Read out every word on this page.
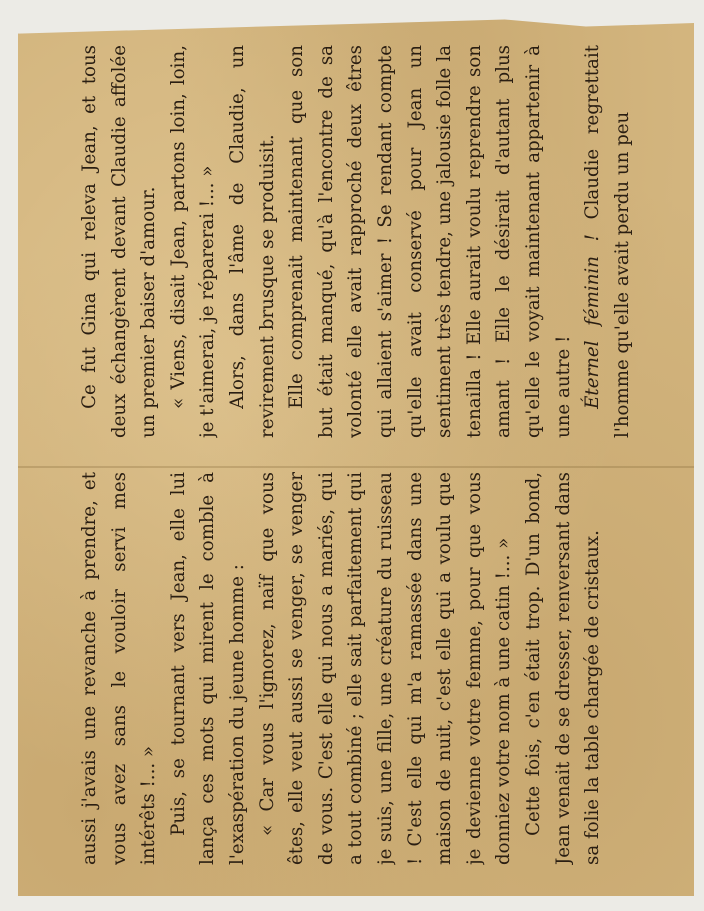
aussi j'avais une revanche à prendre, et vous avez sans le vouloir servi mes intérêts !... » Puis, se tournant vers Jean, elle lui lança ces mots qui mirent le comble à l'exaspération du jeune homme : « Car vous l'ignorez, naïf que vous êtes, elle veut aussi se venger, se venger de vous. C'est elle qui nous a mariés, qui a tout combiné ; elle sait parfaitement qui je suis, une fille, une créature du ruisseau ! C'est elle qui m'a ramassée dans une maison de nuit, c'est elle qui a voulu que je devienne votre femme, pour que vous donniez votre nom à une catin !... » Cette fois, c'en était trop. D'un bond, Jean venait de se dresser, renversant dans sa folie la table chargée de cristaux.

Ce fut Gina qui releva Jean, et tous deux échangèrent devant Claudie affolée un premier baiser d'amour. « Viens, disait Jean, partons loin, loin, je t'aimerai, je réparerai !... » Alors, dans l'âme de Claudie, un revirement brusque se produisit. Elle comprenait maintenant que son but était manqué, qu'à l'encontre de sa volonté elle avait rapproché deux êtres qui allaient s'aimer ! Se rendant compte qu'elle avait conservé pour Jean un sentiment très tendre, une jalousie folle la tenailla ! Elle aurait voulu reprendre son amant ! Elle le désirait d'autant plus qu'elle le voyait maintenant appartenir à une autre ! Éternel féminin ! Claudie regrettait l'homme qu'elle avait perdu un peu
